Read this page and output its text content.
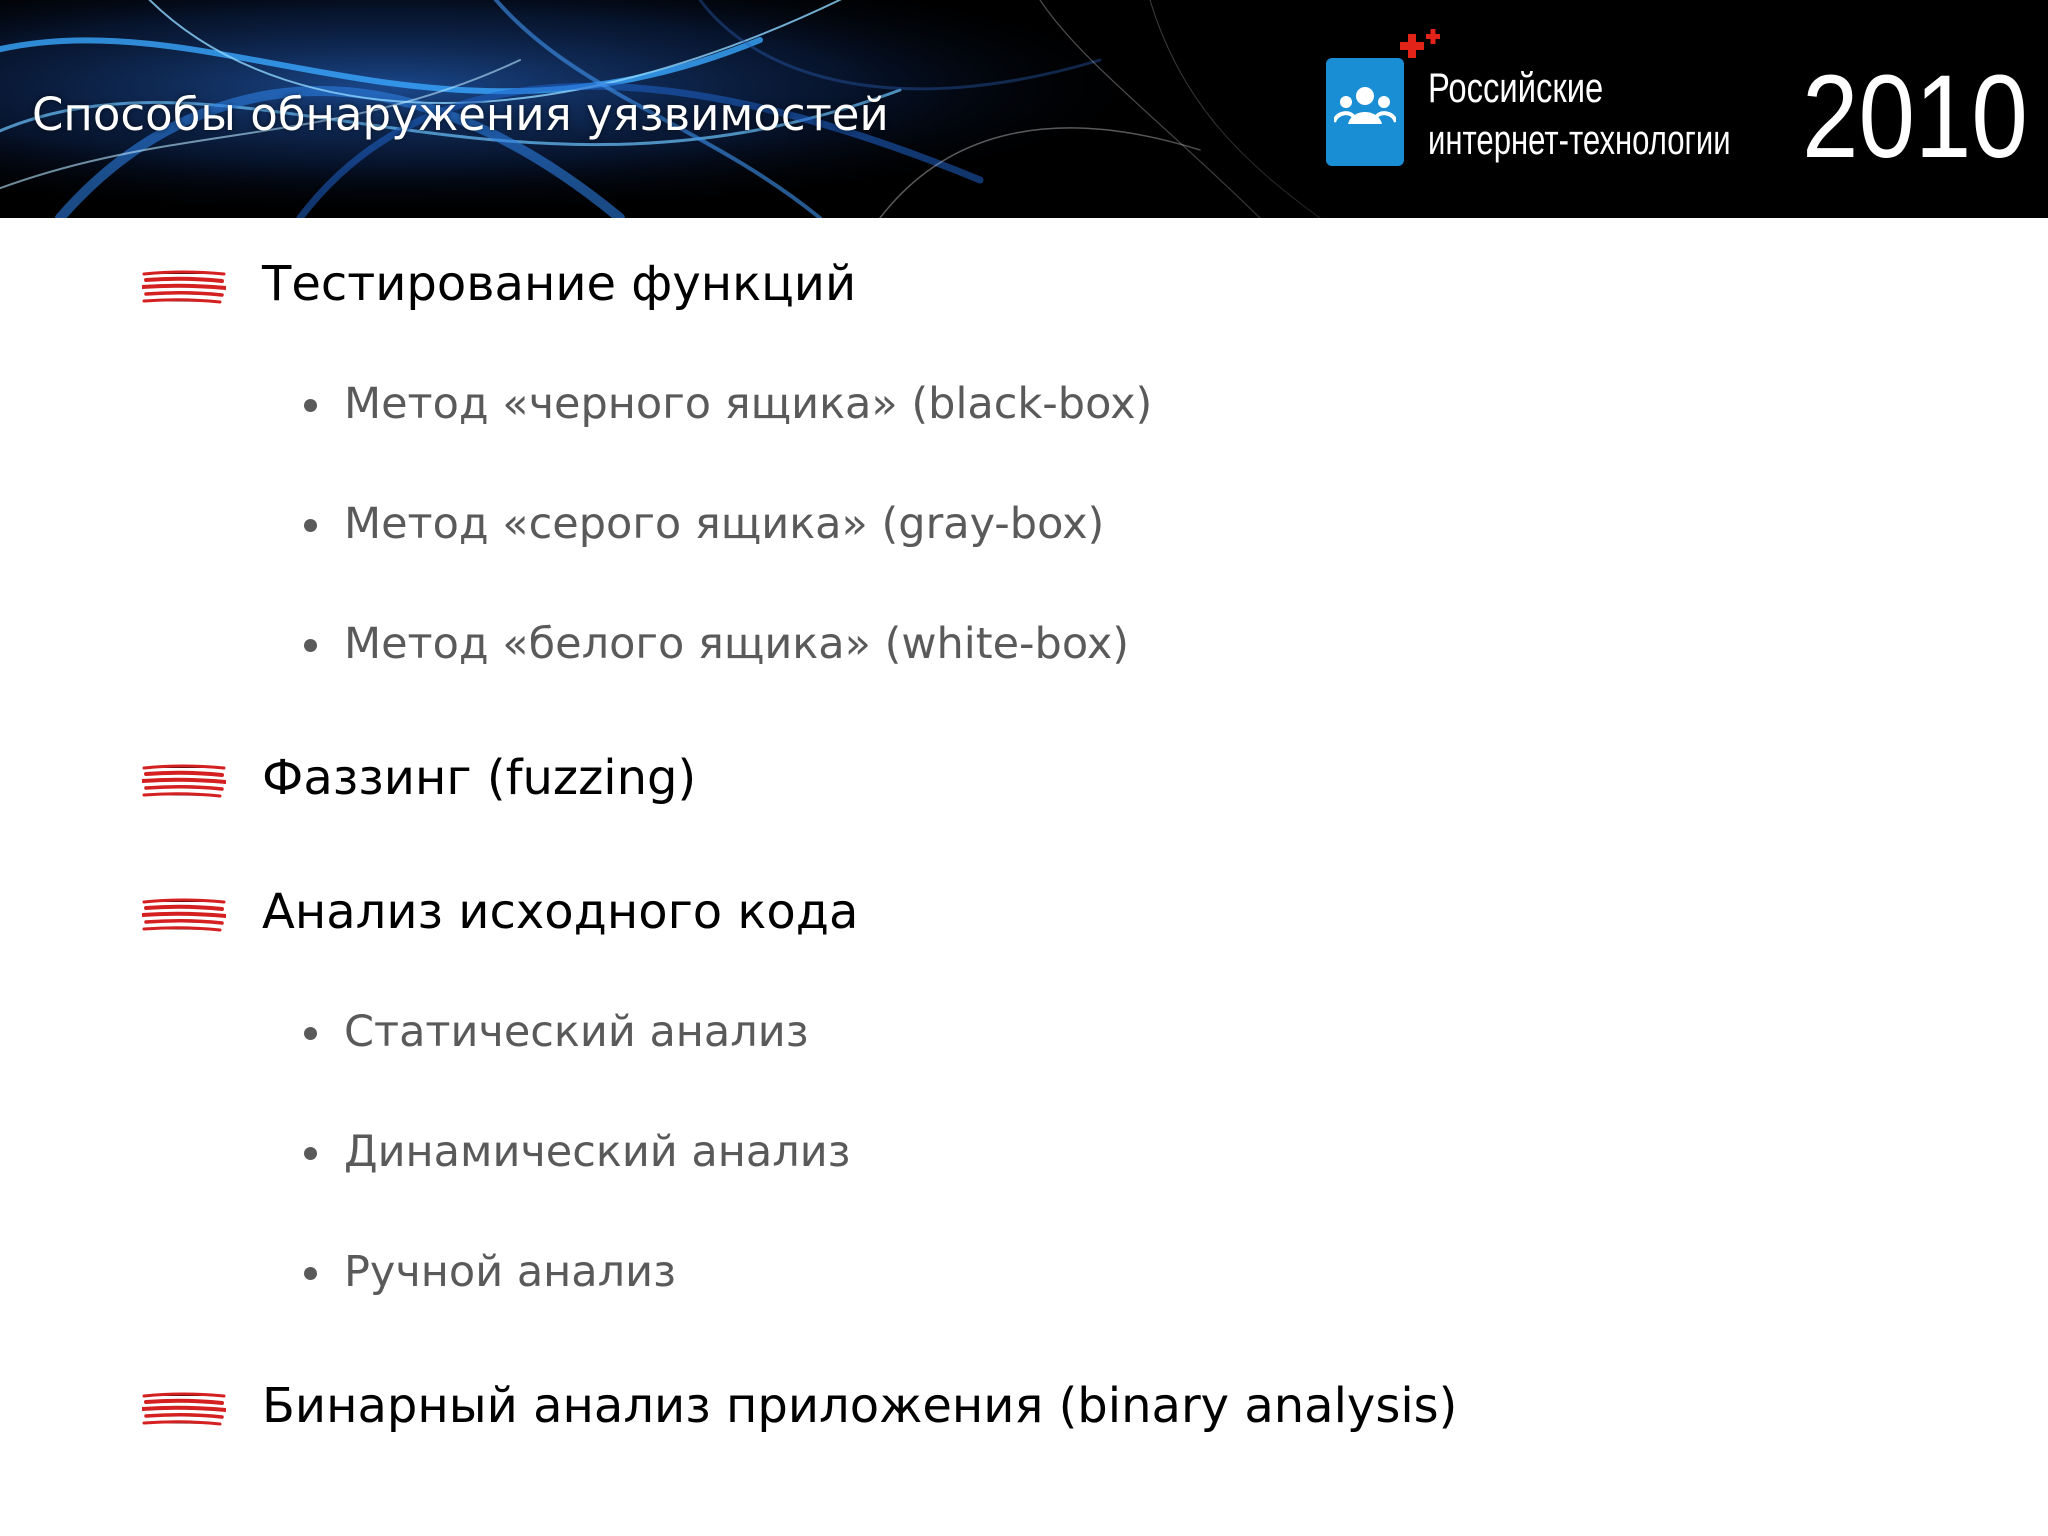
Способы обнаружения уязвимостей
Российские
интернет-технологии 2010
Тестирование функций
Метод «черного ящика» (black-box)
Метод «серого ящика» (gray-box)
Метод «белого ящика» (white-box)
Фаззинг (fuzzing)
Анализ исходного кода
Статический анализ
Динамический анализ
Ручной анализ
Бинарный анализ приложения (binary analysis)
